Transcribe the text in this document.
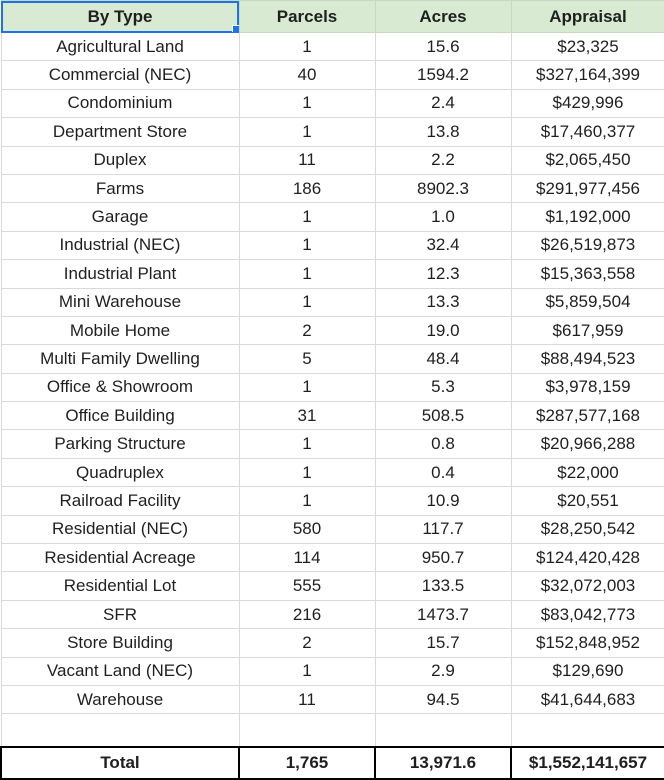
By Type	Parcels	Acres	Appraisal
Agricultural Land	1	15.6	$23,325
Commercial (NEC)	40	1594.2	$327,164,399
Condominium	1	2.4	$429,996
Department Store	1	13.8	$17,460,377
Duplex	11	2.2	$2,065,450
Farms	186	8902.3	$291,977,456
Garage	1	1.0	$1,192,000
Industrial (NEC)	1	32.4	$26,519,873
Industrial Plant	1	12.3	$15,363,558
Mini Warehouse	1	13.3	$5,859,504
Mobile Home	2	19.0	$617,959
Multi Family Dwelling	5	48.4	$88,494,523
Office & Showroom	1	5.3	$3,978,159
Office Building	31	508.5	$287,577,168
Parking Structure	1	0.8	$20,966,288
Quadruplex	1	0.4	$22,000
Railroad Facility	1	10.9	$20,551
Residential (NEC)	580	117.7	$28,250,542
Residential Acreage	114	950.7	$124,420,428
Residential Lot	555	133.5	$32,072,003
SFR	216	1473.7	$83,042,773
Store Building	2	15.7	$152,848,952
Vacant Land (NEC)	1	2.9	$129,690
Warehouse	11	94.5	$41,644,683

Total	1,765	13,971.6	$1,552,141,657
